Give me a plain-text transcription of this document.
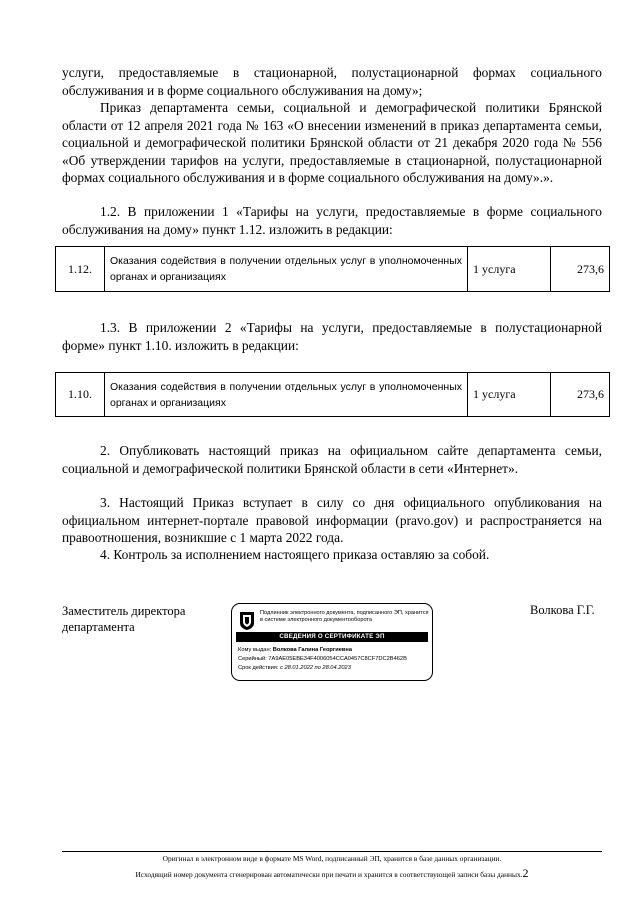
услуги, предоставляемые в стационарной, полустационарной формах социального обслуживания и в форме социального обслуживания на дому»;

Приказ департамента семьи, социальной и демографической политики Брянской области от 12 апреля 2021 года № 163 «О внесении изменений в приказ департамента семьи, социальной и демографической политики Брянской области от 21 декабря 2020 года № 556 «Об утверждении тарифов на услуги, предоставляемые в стационарной, полустационарной формах социального обслуживания и в форме социального обслуживания на дому».».

1.2. В приложении 1 «Тарифы на услуги, предоставляемые в форме социального обслуживания на дому» пункт 1.12. изложить в редакции:

1.12.	Оказания содействия в получении отдельных услуг в уполномоченных органах и организациях	1 услуга	273,6

1.3. В приложении 2 «Тарифы на услуги, предоставляемые в полустационарной форме» пункт 1.10. изложить в редакции:

1.10.	Оказания содействия в получении отдельных услуг в уполномоченных органах и организациях	1 услуга	273,6

2. Опубликовать настоящий приказ на официальном сайте департамента семьи, социальной и демографической политики Брянской области в сети «Интернет».

3. Настоящий Приказ вступает в силу со дня официального опубликования на официальном интернет-портале правовой информации (pravo.gov) и распространяется на правоотношения, возникшие с 1 марта 2022 года.

4. Контроль за исполнением настоящего приказа оставляю за собой.

Заместитель директора департамента
Подлинник электронного документа, подписанного ЭП, хранится в системе электронного документооборота
СВЕДЕНИЯ О СЕРТИФИКАТЕ ЭП
Кому выдан: Волкова Галина Георгиевна
Серийный: 7A9AE05EBE34F4006054CCA0457C8CF7DC2B462B
Срок действия: с 28.01.2022 по 28.04.2023
Волкова Г.Г.
Оригинал в электронном виде в формате MS Word, подписанный ЭП, хранится в базе данных организации.
Исходящий номер документа сгенерирован автоматически при печати и хранится в соответствующей записи базы данных.2
